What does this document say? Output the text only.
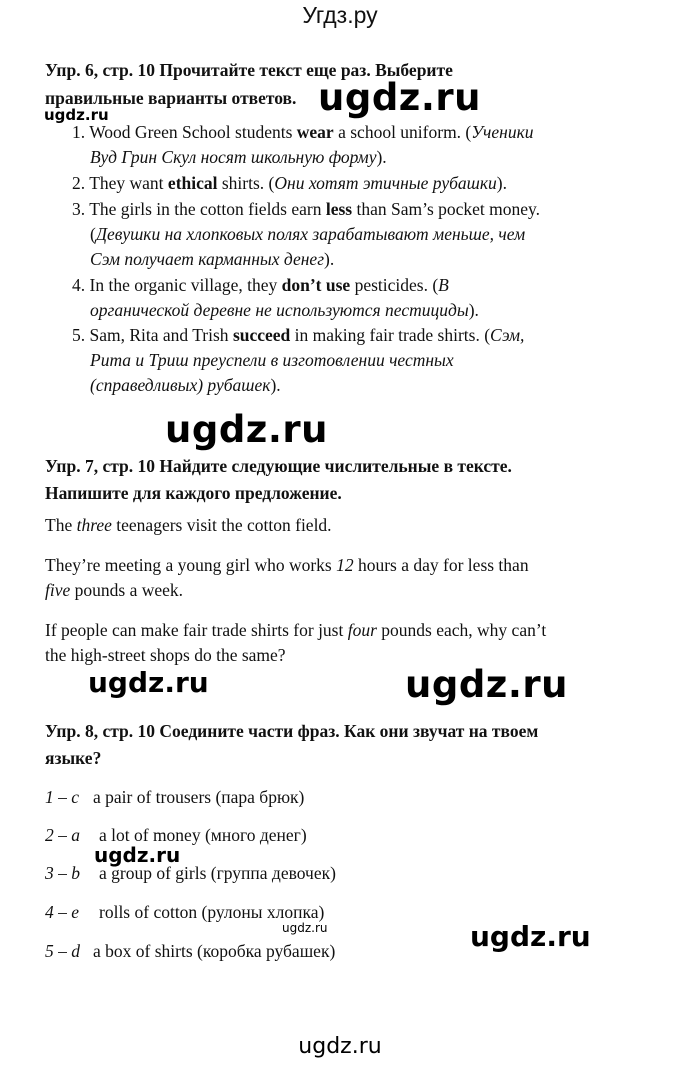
Угдз.ру
Упр. 6, стр. 10 Прочитайте текст еще раз. Выберите
правильные варианты ответов. ugdz.ru
ugdz.ru
1. Wood Green School students wear a school uniform. (Ученики
Вуд Грин Скул носят школьную форму).
2. They want ethical shirts. (Они хотят этичные рубашки).
3. The girls in the cotton fields earn less than Sam’s pocket money.
(Девушки на хлопковых полях зарабатывают меньше, чем
Сэм получает карманных денег).
4. In the organic village, they don’t use pesticides. (В
органической деревне не используются пестициды).
5. Sam, Rita and Trish succeed in making fair trade shirts. (Сэм,
Рита и Триш преуспели в изготовлении честных
(справедливых) рубашек).
ugdz.ru
Упр. 7, стр. 10 Найдите следующие числительные в тексте.
Напишите для каждого предложение.
The three teenagers visit the cotton field.
They’re meeting a young girl who works 12 hours a day for less than
five pounds a week.
If people can make fair trade shirts for just four pounds each, why can’t
the high-street shops do the same?
ugdz.ru	ugdz.ru
Упр. 8, стр. 10 Соедините части фраз. Как они звучат на твоем
языке?
1 – c a pair of trousers (пара брюк)
2 – a a lot of money (много денег)
ugdz.ru
3 – b a group of girls (группа девочек)
4 – e rolls of cotton (рулоны хлопка)
ugdz.ru
5 – d a box of shirts (коробка рубашек)	ugdz.ru
ugdz.ru
